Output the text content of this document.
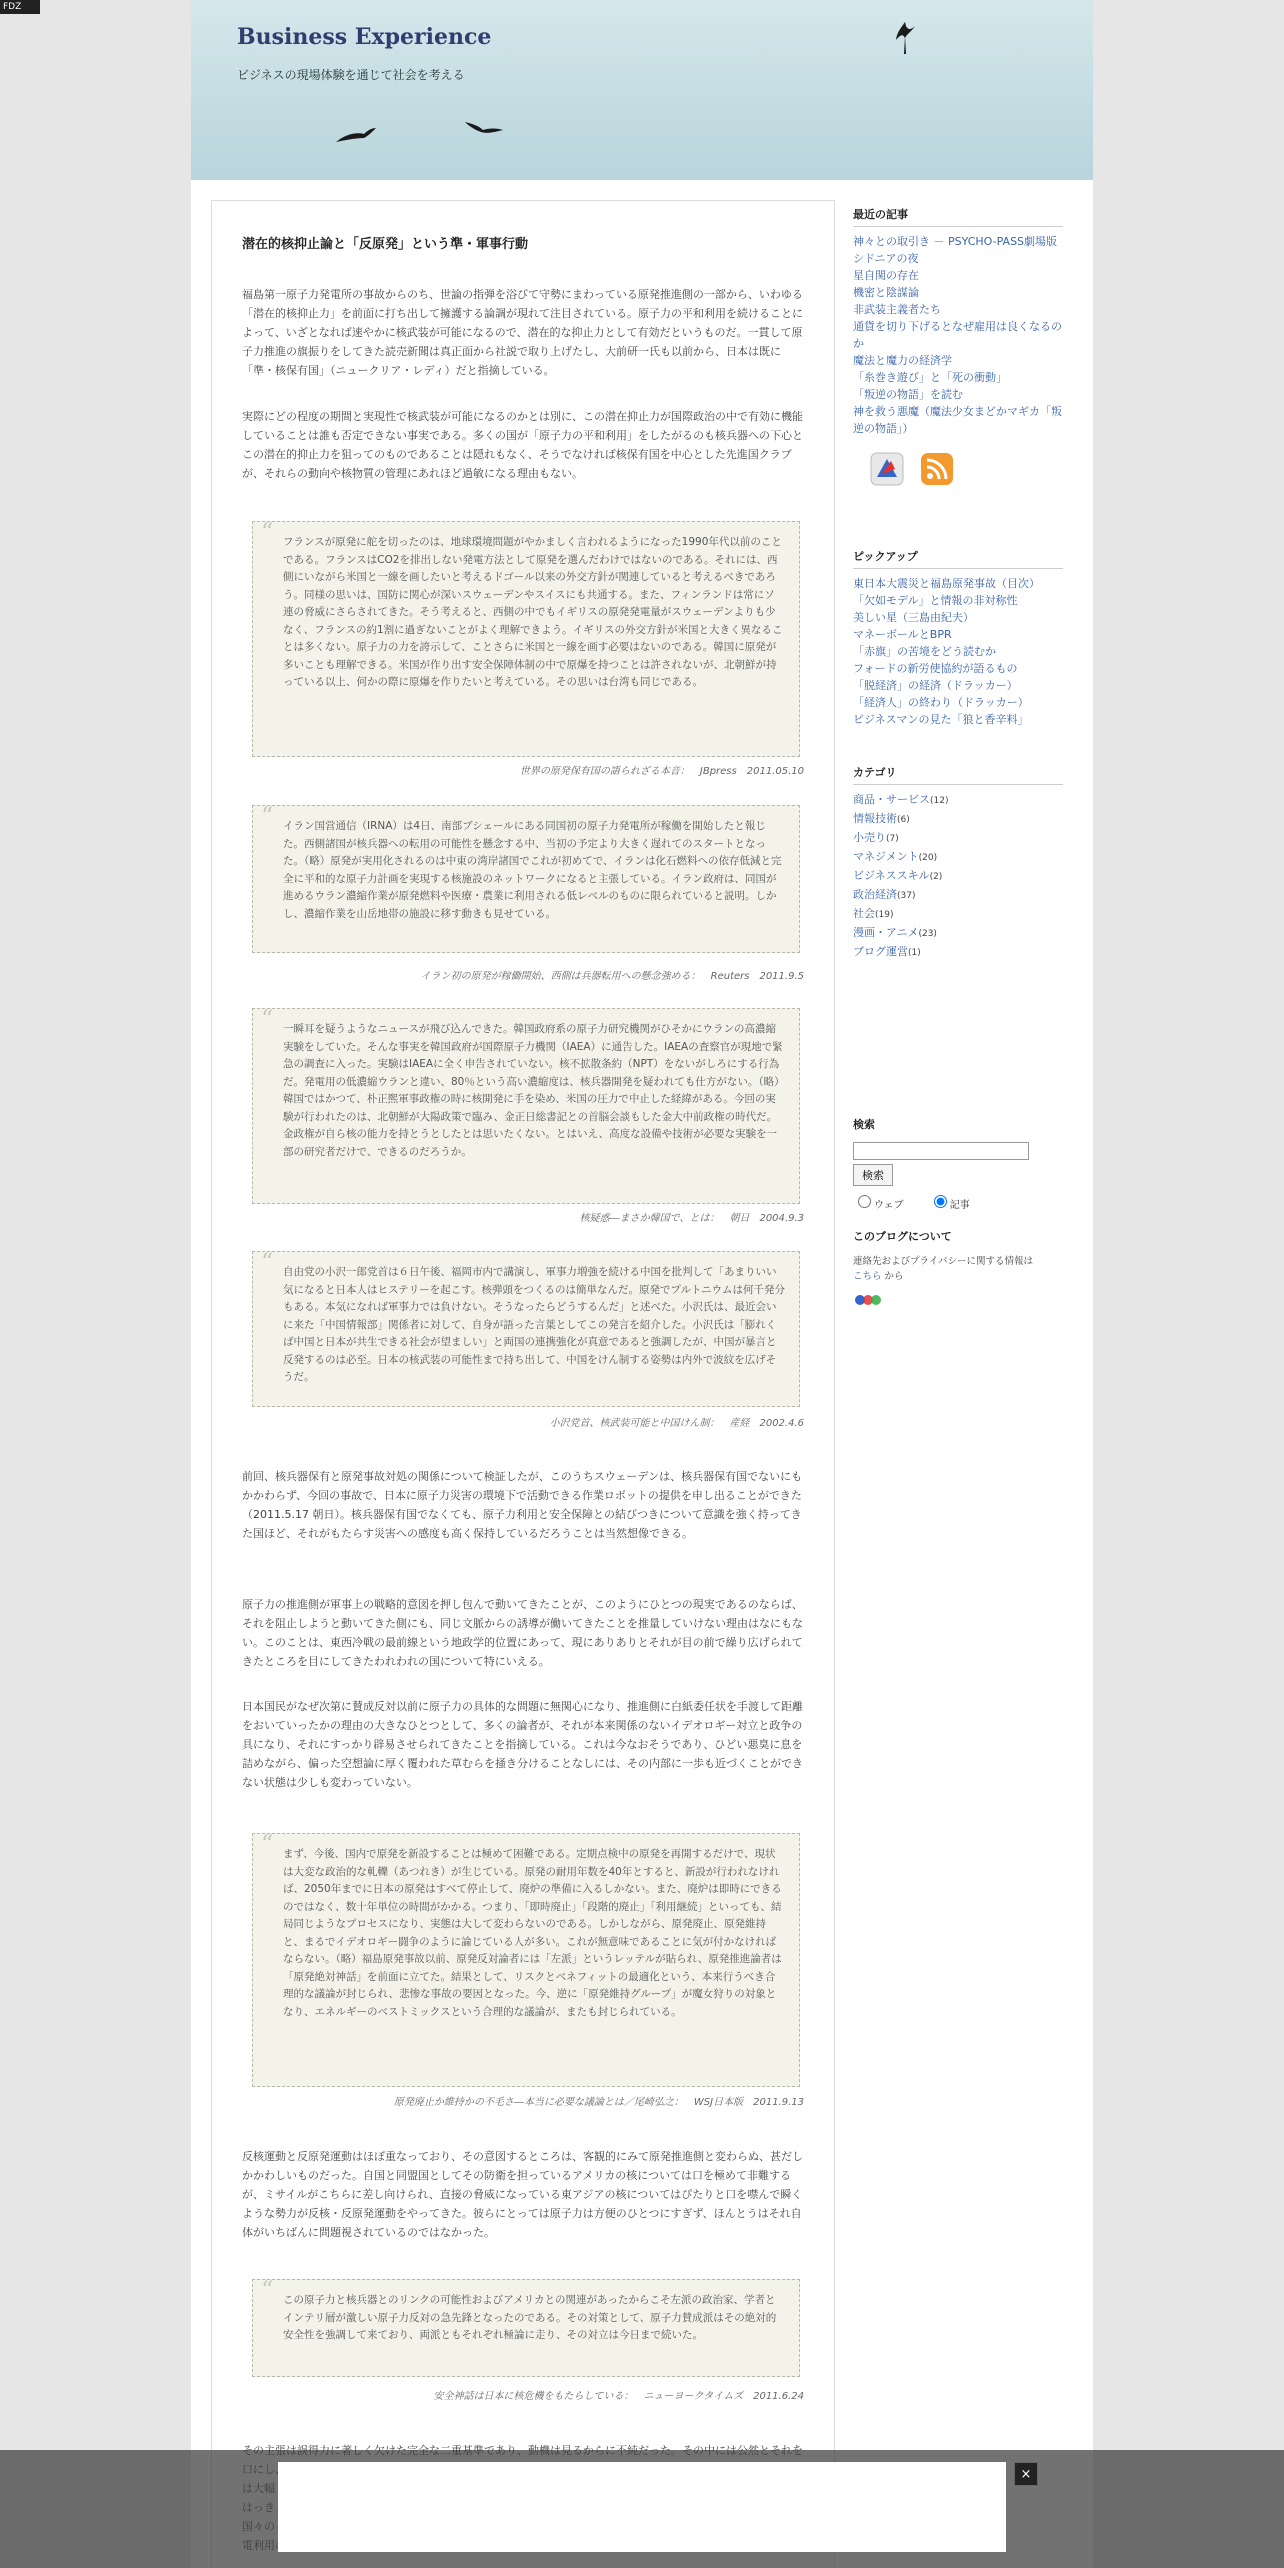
FDZ
Business Experience

ビジネスの現場体験を通じて社会を考える

潜在的核抑止論と「反原発」という準・軍事行動

福島第一原子力発電所の事故からのち、世論の指弾を浴びて守勢にまわっている原発推進側の一部から、いわゆる「潜在的核抑止力」を前面に打ち出して擁護する論調が現れて注目されている。原子力の平和利用を続けることによって、いざとなれば速やかに核武装が可能になるので、潜在的な抑止力として有効だというものだ。一貫して原子力推進の旗振りをしてきた読売新聞は真正面から社説で取り上げたし、大前研一氏も以前から、日本は既に「準・核保有国」（ニュークリア・レディ）だと指摘している。

実際にどの程度の期間と実現性で核武装が可能になるのかとは別に、この潜在抑止力が国際政治の中で有効に機能していることは誰も否定できない事実である。多くの国が「原子力の平和利用」をしたがるのも核兵器への下心とこの潜在的抑止力を狙ってのものであることは隠れもなく、そうでなければ核保有国を中心とした先進国クラブが、それらの動向や核物質の管理にあれほど過敏になる理由もない。

“ フランスが原発に舵を切ったのは、地球環境問題がやかましく言われるようになった1990年代以前のことである。フランスはCO2を排出しない発電方法として原発を選んだわけではないのである。それには、西側にいながら米国と一線を画したいと考えるドゴール以来の外交方針が関連していると考えるべきであろう。同様の思いは、国防に関心が深いスウェーデンやスイスにも共通する。また、フィンランドは常にソ連の脅威にさらされてきた。そう考えると、西側の中でもイギリスの原発発電量がスウェーデンよりも少なく、フランスの約1割に過ぎないことがよく理解できよう。イギリスの外交方針が米国と大きく異なることは多くない。原子力の力を誇示して、ことさらに米国と一線を画す必要はないのである。韓国に原発が多いことも理解できる。米国が作り出す安全保障体制の中で原爆を持つことは許されないが、北朝鮮が持っている以上、何かの際に原爆を作りたいと考えている。その思いは台湾も同じである。

世界の原発保有国の語られざる本音：　JBpress　2011.05.10

“ イラン国営通信（IRNA）は4日、南部ブシェールにある同国初の原子力発電所が稼働を開始したと報じた。西側諸国が核兵器への転用の可能性を懸念する中、当初の予定より大きく遅れてのスタートとなった。（略）原発が実用化されるのは中東の湾岸諸国でこれが初めてで、イランは化石燃料への依存低減と完全に平和的な原子力計画を実現する核施設のネットワークになると主張している。イラン政府は、同国が進めるウラン濃縮作業が原発燃料や医療・農業に利用される低レベルのものに限られていると説明。しかし、濃縮作業を山岳地帯の施設に移す動きも見せている。

イラン初の原発が稼働開始、西側は兵器転用への懸念強める：　Reuters　2011.9.5

“ 一瞬耳を疑うようなニュースが飛び込んできた。韓国政府系の原子力研究機関がひそかにウランの高濃縮実験をしていた。そんな事実を韓国政府が国際原子力機関（IAEA）に通告した。IAEAの査察官が現地で緊急の調査に入った。実験はIAEAに全く申告されていない。核不拡散条約（NPT）をないがしろにする行為だ。発電用の低濃縮ウランと違い、80％という高い濃縮度は、核兵器開発を疑われても仕方がない。（略）韓国ではかつて、朴正煕軍事政権の時に核開発に手を染め、米国の圧力で中止した経緯がある。今回の実験が行われたのは、北朝鮮が大陽政策で臨み、金正日総書記との首脳会談もした金大中前政権の時代だ。金政権が自ら核の能力を持とうとしたとは思いたくない。とはいえ、高度な設備や技術が必要な実験を一部の研究者だけで、できるのだろうか。

核疑惑―まさか韓国で、とは：　朝日　2004.9.3

“ 自由党の小沢一郎党首は６日午後、福岡市内で講演し、軍事力増強を続ける中国を批判して「あまりいい気になると日本人はヒステリーを起こす。核弾頭をつくるのは簡単なんだ。原発でプルトニウムは何千発分もある。本気になれば軍事力では負けない。そうなったらどうするんだ」と述べた。小沢氏は、最近会いに来た「中国情報部」関係者に対して、自身が語った言葉としてこの発言を紹介した。小沢氏は「膨れくば中国と日本が共生できる社会が望ましい」と両国の連携強化が真意であると強調したが、中国が暴言と反発するのは必至。日本の核武装の可能性まで持ち出して、中国をけん制する姿勢は内外で波紋を広げそうだ。

小沢党首、核武装可能と中国けん制：　産経　2002.4.6

前回、核兵器保有と原発事故対処の関係について検証したが、このうちスウェーデンは、核兵器保有国でないにもかかわらず、今回の事故で、日本に原子力災害の環境下で活動できる作業ロボットの提供を申し出ることができた（2011.5.17 朝日）。核兵器保有国でなくても、原子力利用と安全保障との結びつきについて意識を強く持ってきた国ほど、それがもたらす災害への感度も高く保持しているだろうことは当然想像できる。

原子力の推進側が軍事上の戦略的意図を押し包んで動いてきたことが、このようにひとつの現実であるのならば、それを阻止しようと動いてきた側にも、同じ文脈からの誘導が働いてきたことを推量していけない理由はなにもない。このことは、東西冷戦の最前線という地政学的位置にあって、現にありありとそれが目の前で繰り広げられてきたところを目にしてきたわれわれの国について特にいえる。

日本国民がなぜ次第に賛成反対以前に原子力の具体的な問題に無関心になり、推進側に白紙委任状を手渡して距離をおいていったかの理由の大きなひとつとして、多くの論者が、それが本来関係のないイデオロギー対立と政争の具になり、それにすっかり辟易させられてきたことを指摘している。これは今なおそうであり、ひどい悪臭に息を詰めながら、偏った空想論に厚く覆われた草むらを掻き分けることなしには、その内部に一歩も近づくことができない状態は少しも変わっていない。

“ まず、今後、国内で原発を新設することは極めて困難である。定期点検中の原発を再開するだけで、現状は大変な政治的な軋轢（あつれき）が生じている。原発の耐用年数を40年とすると、新設が行われなければ、2050年までに日本の原発はすべて停止して、廃炉の準備に入るしかない。また、廃炉は即時にできるのではなく、数十年単位の時間がかかる。つまり、「即時廃止」「段階的廃止」「利用継続」といっても、結局同じようなプロセスになり、実態は大して変わらないのである。しかしながら、原発廃止、原発維持と、まるでイデオロギー闘争のように論じている人が多い。これが無意味であることに気が付かなければならない。（略）福島原発事故以前、原発反対論者には「左派」というレッテルが貼られ、原発推進論者は「原発絶対神話」を前面に立てた。結果として、リスクとベネフィットの最適化という、本来行うべき合理的な議論が封じられ、悲惨な事故の要因となった。今、逆に「原発維持グループ」が魔女狩りの対象となり、エネルギーのベストミックスという合理的な議論が、またも封じられている。

原発廃止か維持かの不毛さ―本当に必要な議論とは／尾崎弘之：　WSJ日本版　2011.9.13

反核運動と反原発運動はほぼ重なっており、その意図するところは、客観的にみて原発推進側と変わらぬ、甚だしかかわしいものだった。自国と同盟国としてその防衛を担っているアメリカの核については口を極めて非難するが、ミサイルがこちらに差し向けられ、直接の脅威になっている東アジアの核についてはぴたりと口を噤んで瞬くような勢力が反核・反原発運動をやってきた。彼らにとっては原子力は方便のひとつにすぎず、ほんとうはそれ自体がいちばんに問題視されているのではなかった。

“ この原子力と核兵器とのリンクの可能性およびアメリカとの関連があったからこそ左派の政治家、学者とインテリ層が激しい原子力反対の急先鋒となったのである。その対策として、原子力賛成派はその絶対的安全性を強調して来ており、両派ともそれぞれ極論に走り、その対立は今日まで続いた。

安全神話は日本に核危機をもたらしている：　ニューヨークタイムズ　2011.6.24

最近の記事
神々との取引き － PSYCHO-PASS劇場版
シドニアの夜
星自関の存在
機密と陰謀論
非武装主義者たち
通貨を切り下げるとなぜ雇用は良くなるのか
魔法と魔力の経済学
「糸巻き遊び」と「死の衝動」
「叛逆の物語」を読む
神を救う悪魔（魔法少女まどかマギカ「叛逆の物語」）
ピックアップ
東日本大震災と福島原発事故（目次）
「欠如モデル」と情報の非対称性
美しい星（三島由紀夫）
マネーボールとBPR
「赤旗」の苦境をどう読むか
フォードの新労使協約が語るもの
「脱経済」の経済（ドラッカー）
「経済人」の終わり（ドラッカー）
ビジネスマンの見た「狼と香辛料」
カテゴリ
商品・サービス(12)
情報技術(6)
小売り(7)
マネジメント(20)
ビジネススキル(2)
政治経済(37)
社会(19)
漫画・アニメ(23)
ブログ運営(1)
検索
検索
ウェブ	記事
このブログについて

連絡先およびプライバシーに関する情報は
こちら から

×
